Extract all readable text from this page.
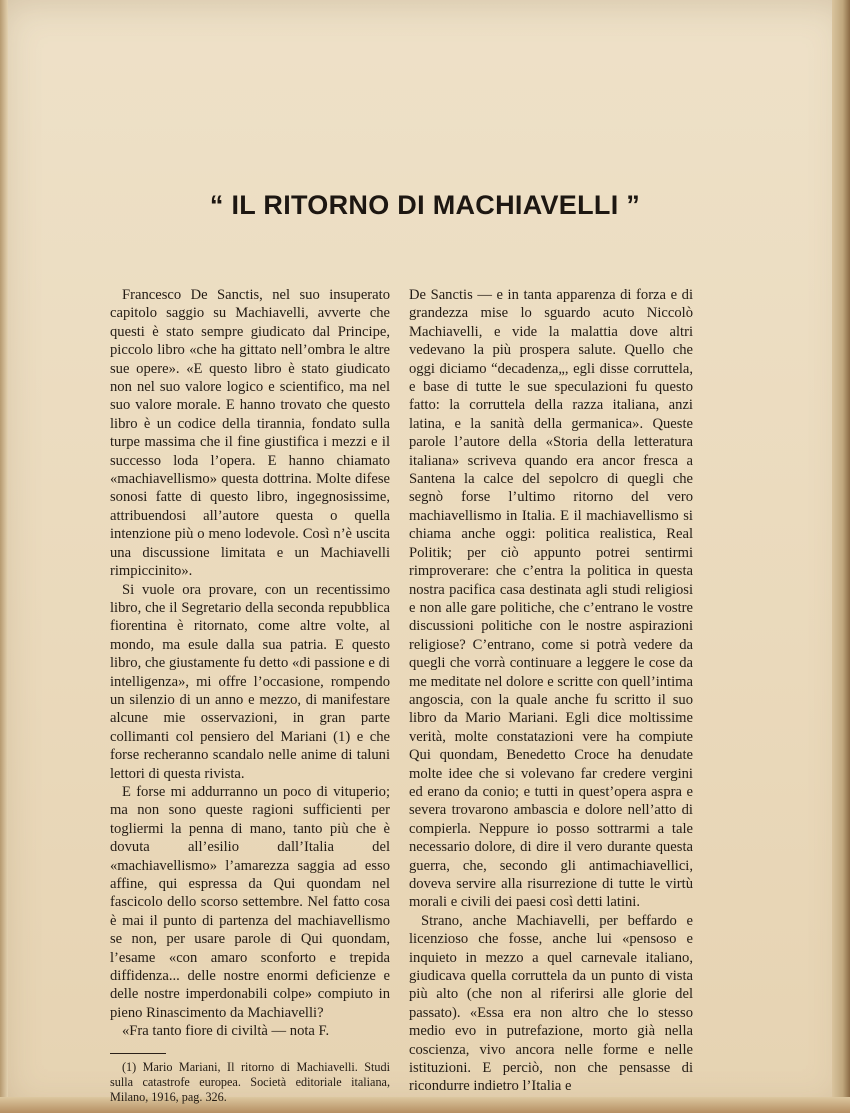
“ IL RITORNO DI MACHIAVELLI ”

Francesco De Sanctis, nel suo insuperato capitolo saggio su Machiavelli, avverte che questi è stato sempre giudicato dal Principe, piccolo libro «che ha gittato nell’ombra le altre sue opere». «E questo libro è stato giudicato non nel suo valore logico e scientifico, ma nel suo valore morale. E hanno trovato che questo libro è un codice della tirannia, fondato sulla turpe massima che il fine giustifica i mezzi e il successo loda l’opera. E hanno chiamato «machiavellismo» questa dottrina. Molte difese sonosi fatte di questo libro, ingegnosissime, attribuendosi all’autore questa o quella intenzione più o meno lodevole. Così n’è uscita una discussione limitata e un Machiavelli rimpiccinito».

Si vuole ora provare, con un recentissimo libro, che il Segretario della seconda repubblica fiorentina è ritornato, come altre volte, al mondo, ma esule dalla sua patria. E questo libro, che giustamente fu detto «di passione e di intelligenza», mi offre l’occasione, rompendo un silenzio di un anno e mezzo, di manifestare alcune mie osservazioni, in gran parte collimanti col pensiero del Mariani (1) e che forse recheranno scandalo nelle anime di taluni lettori di questa rivista.

E forse mi addurranno un poco di vituperio; ma non sono queste ragioni sufficienti per togliermi la penna di mano, tanto più che è dovuta all’esilio dall’Italia del «machiavellismo» l’amarezza saggia ad esso affine, qui espressa da Qui quondam nel fascicolo dello scorso settembre. Nel fatto cosa è mai il punto di partenza del machiavellismo se non, per usare parole di Qui quondam, l’esame «con amaro sconforto e trepida diffidenza... delle nostre enormi deficienze e delle nostre imperdonabili colpe» compiuto in pieno Rinascimento da Machiavelli?

«Fra tanto fiore di civiltà — nota F.

(1) Mario Mariani, Il ritorno di Machiavelli. Studi sulla catastrofe europea. Società editoriale italiana, Milano, 1916, pag. 326.

De Sanctis — e in tanta apparenza di forza e di grandezza mise lo sguardo acuto Niccolò Machiavelli, e vide la malattia dove altri vedevano la più prospera salute. Quello che oggi diciamo “decadenza„, egli disse corruttela, e base di tutte le sue speculazioni fu questo fatto: la corruttela della razza italiana, anzi latina, e la sanità della germanica». Queste parole l’autore della «Storia della letteratura italiana» scriveva quando era ancor fresca a Santena la calce del sepolcro di quegli che segnò forse l’ultimo ritorno del vero machiavellismo in Italia. E il machiavellismo si chiama anche oggi: politica realistica, Real Politik; per ciò appunto potrei sentirmi rimproverare: che c’entra la politica in questa nostra pacifica casa destinata agli studi religiosi e non alle gare politiche, che c’entrano le vostre discussioni politiche con le nostre aspirazioni religiose? C’entrano, come si potrà vedere da quegli che vorrà continuare a leggere le cose da me meditate nel dolore e scritte con quell’intima angoscia, con la quale anche fu scritto il suo libro da Mario Mariani. Egli dice moltissime verità, molte constatazioni vere ha compiute Qui quondam, Benedetto Croce ha denudate molte idee che si volevano far credere vergini ed erano da conio; e tutti in quest’opera aspra e severa trovarono ambascia e dolore nell’atto di compierla. Neppure io posso sottrarmi a tale necessario dolore, di dire il vero durante questa guerra, che, secondo gli antimachiavellici, doveva servire alla risurrezione di tutte le virtù morali e civili dei paesi così detti latini.

Strano, anche Machiavelli, per beffardo e licenzioso che fosse, anche lui «pensoso e inquieto in mezzo a quel carnevale italiano, giudicava quella corruttela da un punto di vista più alto (che non al riferirsi alle glorie del passato). «Essa era non altro che lo stesso medio evo in putrefazione, morto già nella coscienza, vivo ancora nelle forme e nelle istituzioni. E perciò, non che pensasse di ricondurre indietro l’Italia e
